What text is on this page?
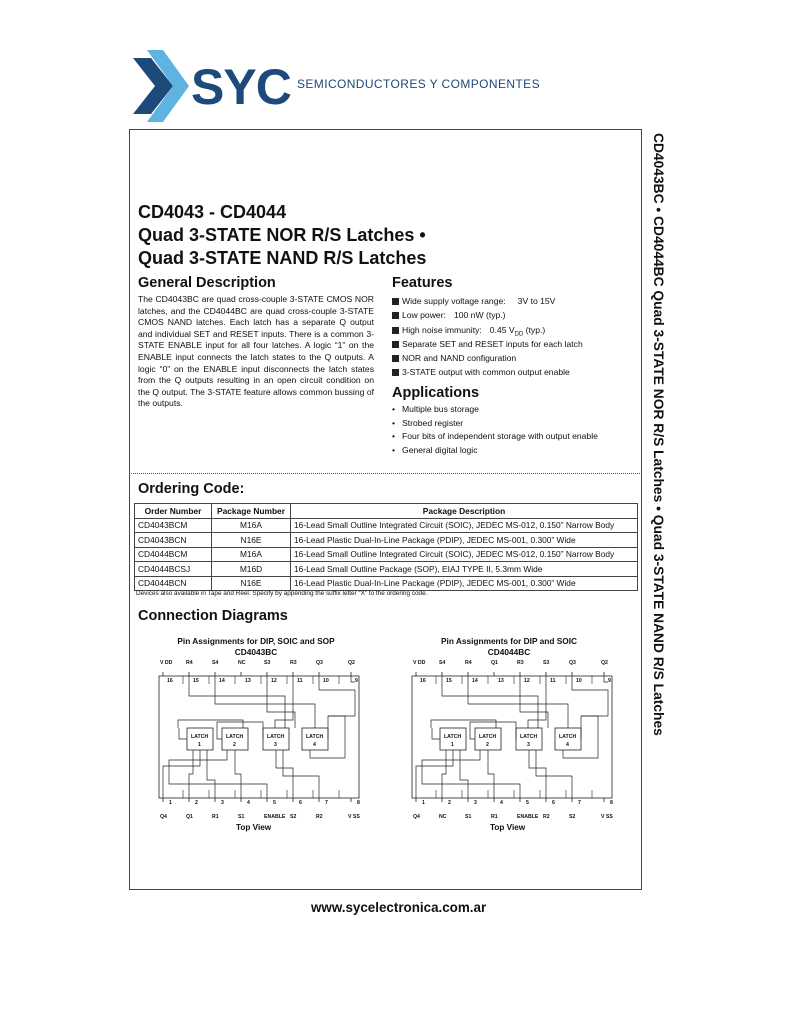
SYC SEMICONDUCTORES Y COMPONENTES
CD4043BC • CD4044BC Quad 3-STATE NOR R/S Latches • Quad 3-STATE NAND R/S Latches
CD4043 - CD4044
Quad 3-STATE NOR R/S Latches •
Quad 3-STATE NAND R/S Latches
General Description
The CD4043BC are quad cross-couple 3-STATE CMOS NOR latches, and the CD4044BC are quad cross-couple 3-STATE CMOS NAND latches. Each latch has a separate Q output and individual SET and RESET inputs. There is a common 3-STATE ENABLE input for all four latches. A logic “1” on the ENABLE input connects the latch states to the Q outputs. A logic “0” on the ENABLE input disconnects the latch states from the Q outputs resulting in an open circuit condition on the Q output. The 3-STATE feature allows common bussing of the outputs.
Features
Wide supply voltage range: 3V to 15V
Low power: 100 nW (typ.)
High noise immunity: 0.45 $V_{DD}$ (typ.)
Separate SET and RESET inputs for each latch
NOR and NAND configuration
3-STATE output with common output enable
Applications
• Multiple bus storage
• Strobed register
• Four bits of independent storage with output enable
• General digital logic
Ordering Code:
Order Number	Package Number	Package Description
CD4043BCM	M16A	16-Lead Small Outline Integrated Circuit (SOIC), JEDEC MS-012, 0.150” Narrow Body
CD4043BCN	N16E	16-Lead Plastic Dual-In-Line Package (PDIP), JEDEC MS-001, 0.300” Wide
CD4044BCM	M16A	16-Lead Small Outline Integrated Circuit (SOIC), JEDEC MS-012, 0.150” Narrow Body
CD4044BCSJ	M16D	16-Lead Small Outline Package (SOP), EIAJ TYPE II, 5.3mm Wide
CD4044BCN	N16E	16-Lead Plastic Dual-In-Line Package (PDIP), JEDEC MS-001, 0.300” Wide
Devices also available in Tape and Reel. Specify by appending the suffix letter “X” to the ordering code.
Connection Diagrams
Pin Assignments for DIP, SOIC and SOP
CD4043BC
Pin Assignments for DIP and SOIC
CD4044BC
16
1
V DD
Q4
15
2
R4
Q1
14
3
S4
R1
13
4
NC
S1
12
5
S3
ENABLE
11
6
R3
S2
10
7
Q3
R2
9
8
Q2
V SS
LATCH
1
LATCH
2
LATCH
3
LATCH
4
16
1
V DD
Q4
15
2
S4
NC
14
3
R4
S1
13
4
Q1
R1
12
5
R3
ENABLE
11
6
S3
R2
10
7
Q3
S2
9
8
Q2
V SS
LATCH
1
LATCH
2
LATCH
3
LATCH
4
Top View	Top View
www.sycelectronica.com.ar
